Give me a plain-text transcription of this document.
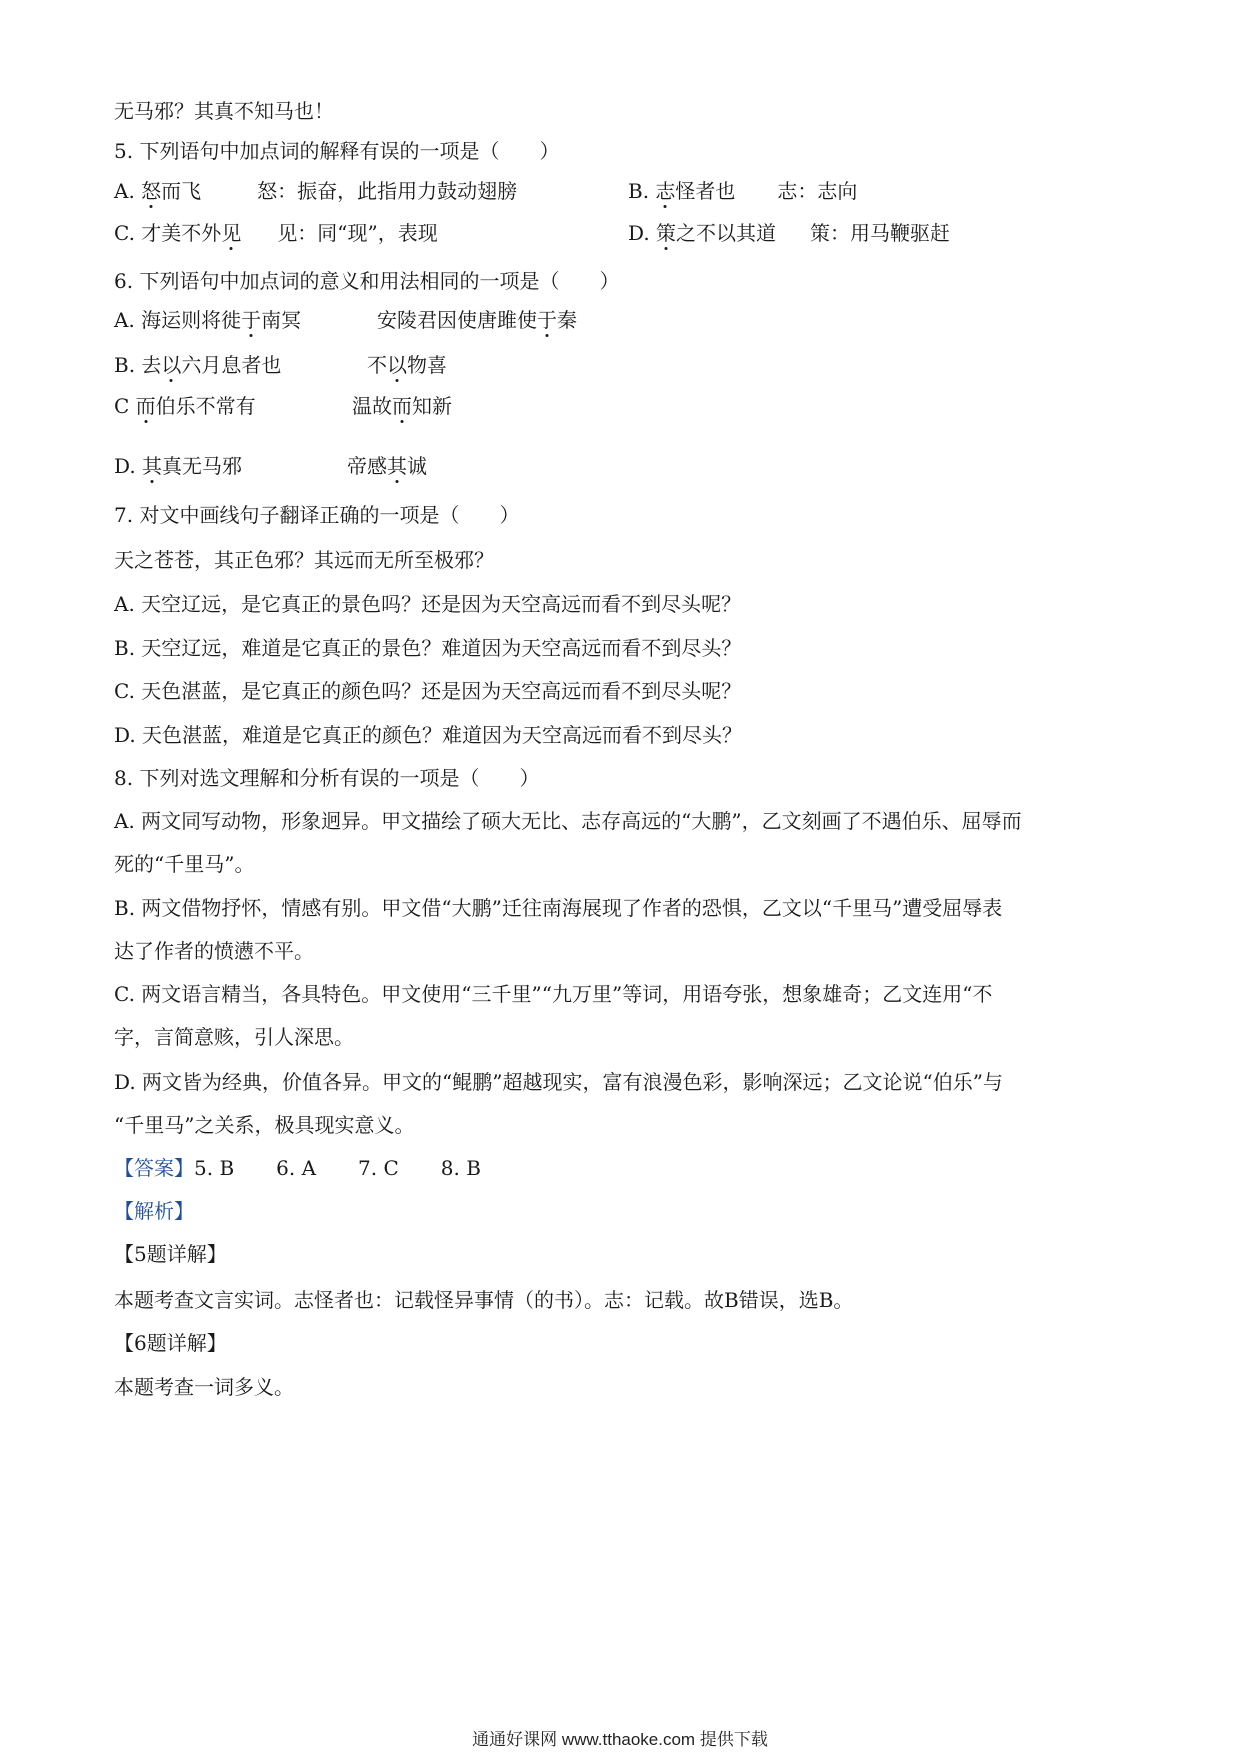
无马邪？其真不知马也！
5. 下列语句中加点词的解释有误的一项是（　　）
A. 怒而飞	怒：振奋，此指用力鼓动翅膀	B. 志怪者也 志：志向
C. 才美不外见 见：同“现”，表现	D. 策之不以其道 策：用马鞭驱赶
6. 下列语句中加点词的意义和用法相同的一项是（　　）
A. 海运则将徙于南冥	安陵君因使唐雎使于秦
B. 去以六月息者也	不以物喜
C 而伯乐不常有	温故而知新
D. 其真无马邪	帝感其诚
7. 对文中画线句子翻译正确的一项是（　　）
天之苍苍，其正色邪？其远而无所至极邪？
A. 天空辽远，是它真正的景色吗？还是因为天空高远而看不到尽头呢？
B. 天空辽远，难道是它真正的景色？难道因为天空高远而看不到尽头？
C. 天色湛蓝，是它真正的颜色吗？还是因为天空高远而看不到尽头呢？
D. 天色湛蓝，难道是它真正的颜色？难道因为天空高远而看不到尽头？
8. 下列对选文理解和分析有误的一项是（　　）
A. 两文同写动物，形象迥异。甲文描绘了硕大无比、志存高远的“大鹏”，乙文刻画了不遇伯乐、屈辱而
死的“千里马”。
B. 两文借物抒怀，情感有别。甲文借“大鹏”迁往南海展现了作者的恐惧，乙文以“千里马”遭受屈辱表
达了作者的愤懑不平。
C. 两文语言精当，各具特色。甲文使用“三千里”“九万里”等词，用语夸张，想象雄奇；乙文连用“不
字，言简意赅，引人深思。
D. 两文皆为经典，价值各异。甲文的“鲲鹏”超越现实，富有浪漫色彩，影响深远；乙文论说“伯乐”与
“千里马”之关系，极具现实意义。
【答案】5. B 6. A 7. C 8. B
【解析】
【5题详解】
本题考查文言实词。志怪者也：记载怪异事情（的书）。志：记载。故B错误，选B。
【6题详解】
本题考查一词多义。
通通好课网 www.tthaoke.com 提供下载
